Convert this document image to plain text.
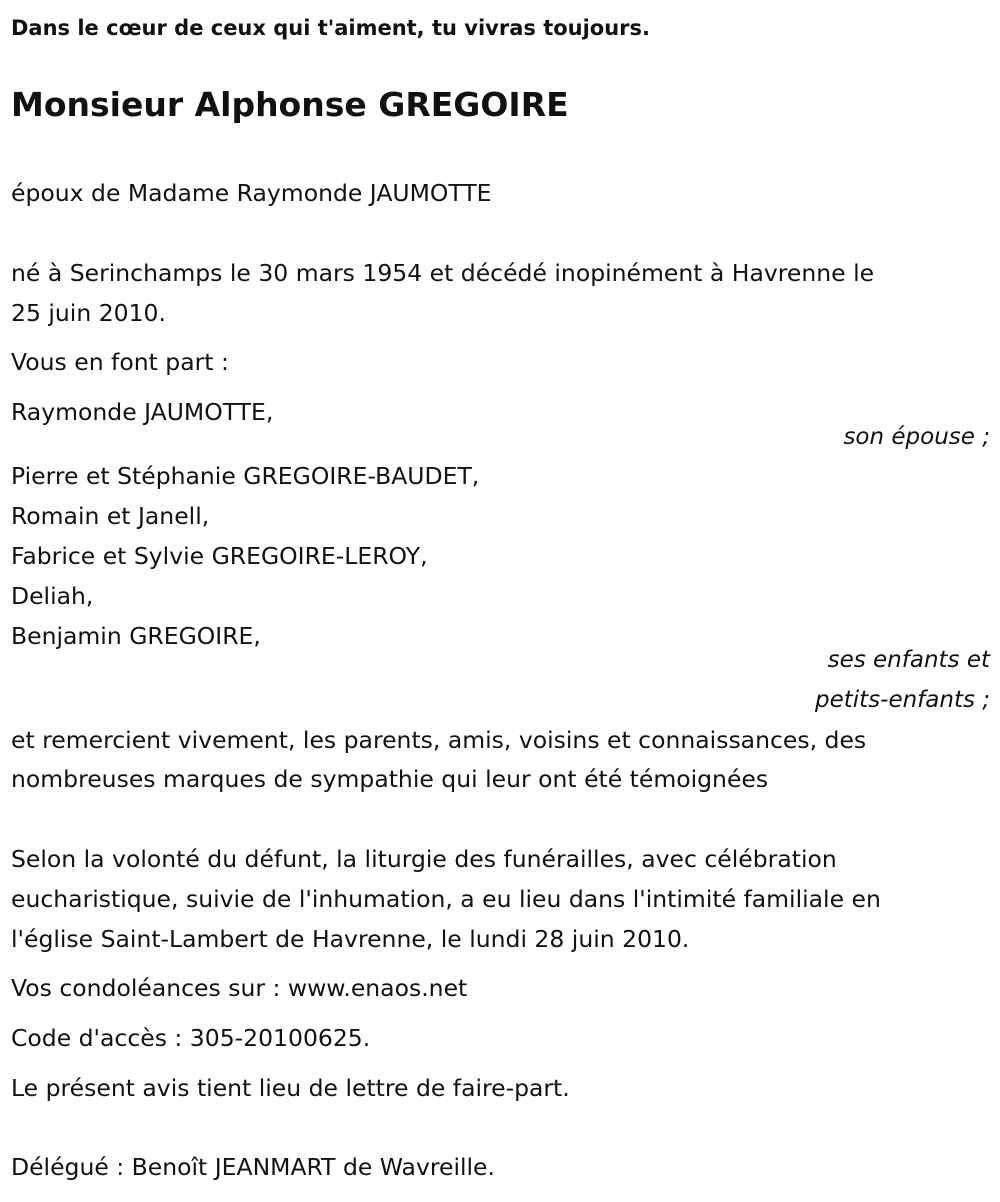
Dans le cœur de ceux qui t'aiment, tu vivras toujours.
Monsieur Alphonse GREGOIRE
époux de Madame Raymonde JAUMOTTE
né à Serinchamps le 30 mars 1954 et décédé inopinément à Havrenne le
25 juin 2010.
Vous en font part :
Raymonde JAUMOTTE,
son épouse ;
Pierre et Stéphanie GREGOIRE-BAUDET,
Romain et Janell,
Fabrice et Sylvie GREGOIRE-LEROY,
Deliah,
Benjamin GREGOIRE,
ses enfants et
petits-enfants ;
et remercient vivement, les parents, amis, voisins et connaissances, des
nombreuses marques de sympathie qui leur ont été témoignées
Selon la volonté du défunt, la liturgie des funérailles, avec célébration
eucharistique, suivie de l'inhumation, a eu lieu dans l'intimité familiale en
l'église Saint-Lambert de Havrenne, le lundi 28 juin 2010.
Vos condoléances sur : www.enaos.net
Code d'accès : 305-20100625.
Le présent avis tient lieu de lettre de faire-part.
Délégué : Benoît JEANMART de Wavreille.
